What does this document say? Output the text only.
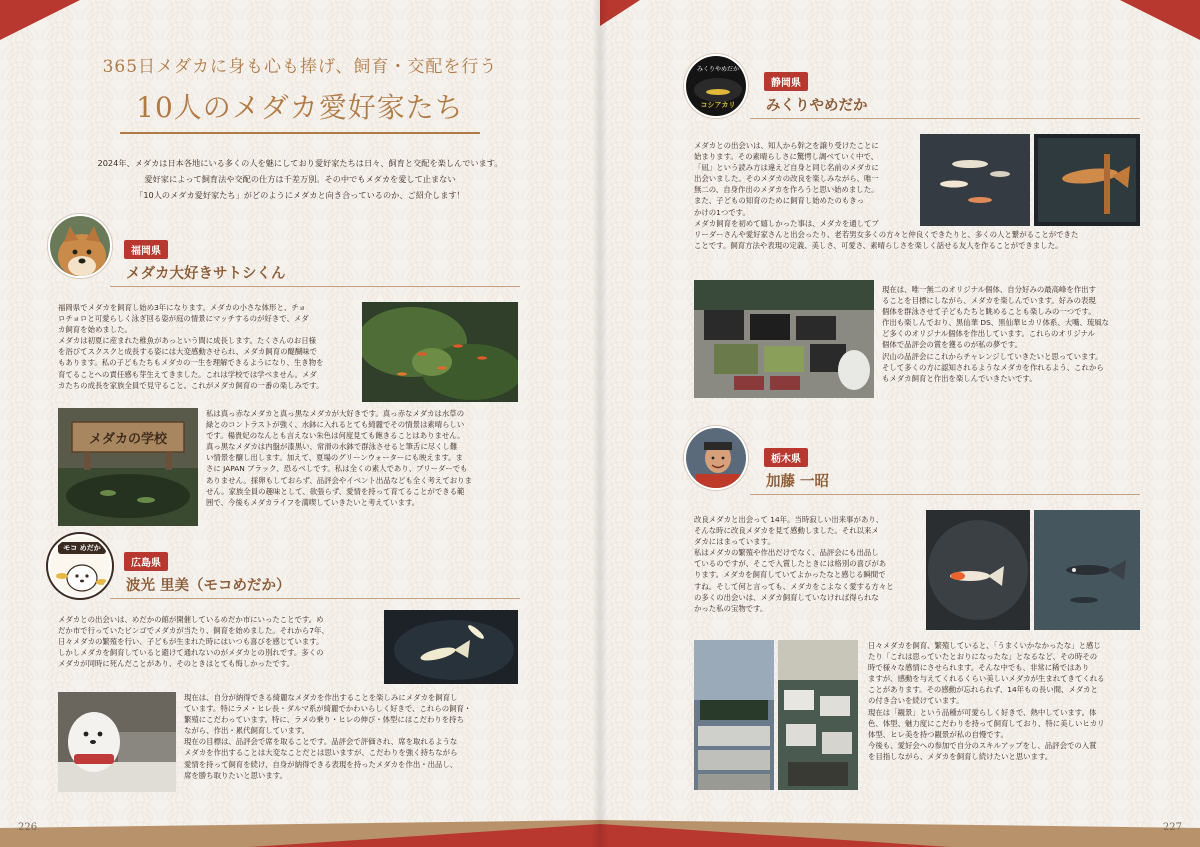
365日メダカに身も心も捧げ、飼育・交配を行う
10人のメダカ愛好家たち
2024年、メダカは日本各地にいる多くの人を魅にしており愛好家たちは日々、飼育と交配を楽しんでいます。
愛好家によって飼育法や交配の仕方は千差万別。その中でもメダカを愛して止まない
「10人のメダカ愛好家たち」がどのようにメダカと向き合っているのか、ご紹介します！
福岡県
メダカ大好きサトシくん
福岡県でメダカを飼育し始め3年になります。メダカの小さな体形と、チョ
ロチョロと可愛らしく泳ぎ回る姿が庭の情景にマッチするのが好きで、メダ
カ飼育を始めました。
メダカは初夏に産まれた稚魚があっという間に成長します。たくさんのお日様
を浴びてスクスクと成長する姿には大変感動させられ、メダカ飼育の醍醐味で
もあります。私の子どもたちもメダカの一生を理解できるようになり、生き物を
育てることへの責任感も芽生えてきました。これは学校では学べません。メダ
カたちの成長を家族全員で見守ること。これがメダカ飼育の一番の楽しみです。
メダカの学校
私は真っ赤なメダカと真っ黒なメダカが大好きです。真っ赤なメダカは水草の
緑とのコントラストが強く、水鉢に入れるとても綺麗でその情景は素晴らしい
です。楊貴妃のなんとも言えない朱色は何度見ても飽きることはありません。
真っ黒なメダカは内盤が漆黒い、常滑の水鉢で群泳させると筆舌に尽くし難
い情景を醸し出します。加えて、夏場のグリーンウォーターにも映えます。ま
さに JAPAN ブラック、恐るべしです。私は全くの素人であり、ブリーダーでも
ありません。採卵もしておらず、品評会やイベント出品なども全く考えておりま
せん。家族全員の趣味として、欲張らず、愛情を持って育てることができる範
囲で、今後もメダカライフを満喫していきたいと考えています。
モコ めだか
広島県
波光 里美（モコめだか）
メダカとの出会いは、めだかの館が開催しているめだか市にいったことです。め
だか市で行っていたビンゴでメダカが当たり、飼育を始めました。それから7年、
日々メダカの繁殖を行い、子どもが生まれた時にはいつも喜びを感じています。
しかしメダカを飼育していると避けて通れないのがメダカとの別れです。多くの
メダカが同時に死んだことがあり、そのときはとても悔しかったです。
現在は、自分が納得できる綺麗なメダカを作出することを楽しみにメダカを飼育し
ています。特にラメ・ヒレ長・ダルマ系が綺麗でかわいらしく好きで、これらの飼育・
繁殖にこだわっています。特に、ラメの乗り・ヒレの伸び・体型にはこだわりを持ち
ながら、作出・累代飼育しています。
現在の目標は、品評会で席を取ることです。品評会で評価され、席を取れるような
メダカを作出することは大変なことだとは思いますが、こだわりを強く持ちながら
愛情を持って飼育を続け、自身が納得できる表現を持ったメダカを作出・出品し、
席を勝ち取りたいと思います。
226
みくりやめだか
コシアカリ
静岡県
みくりやめだか
メダカとの出会いは、知人から幹之を譲り受けたことに
始まります。その素晴らしさに驚愕し調べていく中で、
「凪」という読み方は違えど自身と同じ名前のメダカに
出会いました。そのメダカの改良を楽しみながら、唯一
無二の、自身作出のメダカを作ろうと思い始めました。
また、子どもの知育のために飼育し始めたのもきっ
かけの1つです。
メダカ飼育を初めて嬉しかった事は、メダカを通してブ
リーダーさんや愛好家さんと出会ったり、老若男女多くの方々と仲良くできたりと、多くの人と繋がることができた
ことです。飼育方法や表現の定義、美しさ、可愛さ、素晴らしさを楽しく話せる友人を作ることができました。
現在は、唯一無二のオリジナル個体、自分好みの最高峰を作出す
ることを目標にしながら、メダカを楽しんでいます。好みの表現
個体を群泳させて子どもたちと眺めることも楽しみの一つです。
作出も楽しんでおり、黒仙華 DS、黒仙華ヒカリ体系、大嘴、琉風な
ど多くのオリジナル個体を作出しています。これらのオリジナル
個体で品評会の賞を獲るのが私の夢です。
沢山の品評会にこれからチャレンジしていきたいと思っています。
そして多くの方に認知されるようなメダカを作れるよう、これから
もメダカ飼育と作出を楽しんでいきたいです。
栃木県
加藤 一昭
改良メダカと出会って 14年。当時寂しい出来事があり、
そんな時に改良メダカを見て感動しました。それ以来メ
ダカにはまっています。
私はメダカの繁殖や作出だけでなく、品評会にも出品し
ているのですが、そこで入賞したときには格別の喜びがあ
ります。メダカを飼育していてよかったなと感じる瞬間で
すね。そして何と言っても、メダカをこよなく愛する方々と
の多くの出会いは、メダカ飼育していなければ得られな
かった私の宝物です。
日々メダカを飼育、繁殖していると、「うまくいかなかったな」と感じ
たり「これは思っていたとおりになったな」となるなど、その時その
時で様々な感情にさせられます。そんな中でも、非常に稀ではあり
ますが、感動を与えてくれるくらい美しいメダカが生まれてきてくれる
ことがあります。その感動が忘れられず、14年もの長い間、メダカと
の付き合いを続けています。
現在は「観景」という品種が可愛らしく好きで、熱中しています。体
色、体型、魅力度にこだわりを持って飼育しており、特に美しいヒカリ
体型、ヒレ美を持つ観景が私の自慢です。
今後も、愛好会への参加で自分のスキルアップをし、品評会での入賞
を目指しながら、メダカを飼育し続けたいと思います。
227
